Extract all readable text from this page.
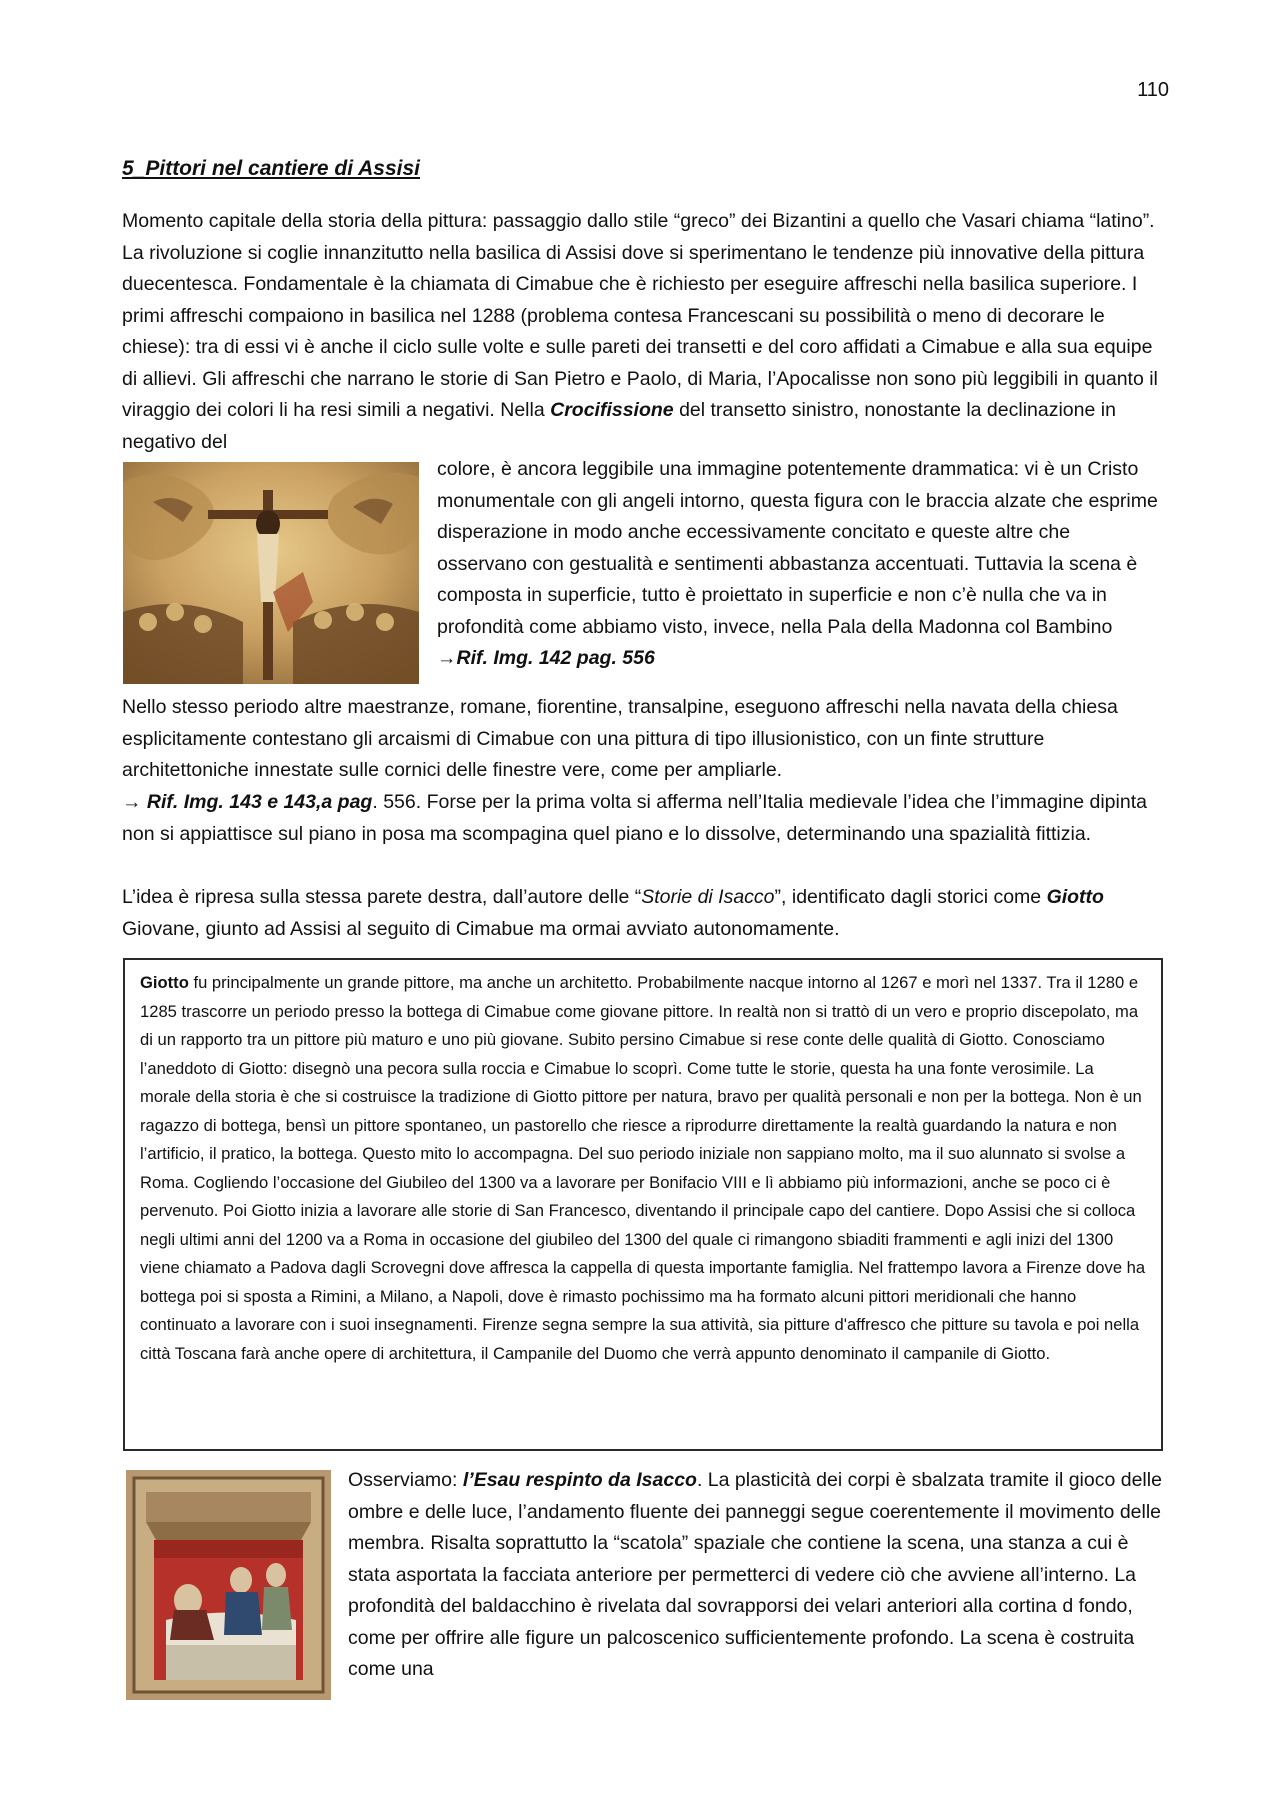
110
5_Pittori nel cantiere di Assisi

Momento capitale della storia della pittura: passaggio dallo stile “greco” dei Bizantini a quello che Vasari chiama “latino”. La rivoluzione si coglie innanzitutto nella basilica di Assisi dove si sperimentano le tendenze più innovative della pittura duecentesca. Fondamentale è la chiamata di Cimabue che è richiesto per eseguire affreschi nella basilica superiore. I primi affreschi compaiono in basilica nel 1288 (problema contesa Francescani su possibilità o meno di decorare le chiese): tra di essi vi è anche il ciclo sulle volte e sulle pareti dei transetti e del coro affidati a Cimabue e alla sua equipe di allievi. Gli affreschi che narrano le storie di San Pietro e Paolo, di Maria, l’Apocalisse non sono più leggibili in quanto il viraggio dei colori li ha resi simili a negativi. Nella Crocifissione del transetto sinistro, nonostante la declinazione in negativo del

colore, è ancora leggibile una immagine potentemente drammatica: vi è un Cristo monumentale con gli angeli intorno, questa figura con le braccia alzate che esprime disperazione in modo anche eccessivamente concitato e queste altre che osservano con gestualità e sentimenti abbastanza accentuati. Tuttavia la scena è composta in superficie, tutto è proiettato in superficie e non c’è nulla che va in profondità come abbiamo visto, invece, nella Pala della Madonna col Bambino →Rif. Img. 142 pag. 556

Nello stesso periodo altre maestranze, romane, fiorentine, transalpine, eseguono affreschi nella navata della chiesa esplicitamente contestano gli arcaismi di Cimabue con una pittura di tipo illusionistico, con un finte strutture architettoniche innestate sulle cornici delle finestre vere, come per ampliarle.

→ Rif. Img. 143 e 143,a pag. 556. Forse per la prima volta si afferma nell’Italia medievale l’idea che l’immagine dipinta non si appiattisce sul piano in posa ma scompagina quel piano e lo dissolve, determinando una spazialità fittizia.

L’idea è ripresa sulla stessa parete destra, dall’autore delle “Storie di Isacco”, identificato dagli storici come Giotto Giovane, giunto ad Assisi al seguito di Cimabue ma ormai avviato autonomamente.

Giotto fu principalmente un grande pittore, ma anche un architetto. Probabilmente nacque intorno al 1267 e morì nel 1337. Tra il 1280 e 1285 trascorre un periodo presso la bottega di Cimabue come giovane pittore. In realtà non si trattò di un vero e proprio discepolato, ma di un rapporto tra un pittore più maturo e uno più giovane. Subito persino Cimabue si rese conte delle qualità di Giotto. Conosciamo l’aneddoto di Giotto: disegnò una pecora sulla roccia e Cimabue lo scoprì. Come tutte le storie, questa ha una fonte verosimile. La morale della storia è che si costruisce la tradizione di Giotto pittore per natura, bravo per qualità personali e non per la bottega. Non è un ragazzo di bottega, bensì un pittore spontaneo, un pastorello che riesce a riprodurre direttamente la realtà guardando la natura e non l’artificio, il pratico, la bottega. Questo mito lo accompagna. Del suo periodo iniziale non sappiano molto, ma il suo alunnato si svolse a Roma. Cogliendo l’occasione del Giubileo del 1300 va a lavorare per Bonifacio VIII e lì abbiamo più informazioni, anche se poco ci è pervenuto. Poi Giotto inizia a lavorare alle storie di San Francesco, diventando il principale capo del cantiere. Dopo Assisi che si colloca negli ultimi anni del 1200 va a Roma in occasione del giubileo del 1300 del quale ci rimangono sbiaditi frammenti e agli inizi del 1300 viene chiamato a Padova dagli Scrovegni dove affresca la cappella di questa importante famiglia. Nel frattempo lavora a Firenze dove ha bottega poi si sposta a Rimini, a Milano, a Napoli, dove è rimasto pochissimo ma ha formato alcuni pittori meridionali che hanno continuato a lavorare con i suoi insegnamenti. Firenze segna sempre la sua attività, sia pitture d'affresco che pitture su tavola e poi nella città Toscana farà anche opere di architettura, il Campanile del Duomo che verrà appunto denominato il campanile di Giotto.

Osserviamo: l’Esau respinto da Isacco. La plasticità dei corpi è sbalzata tramite il gioco delle ombre e delle luce, l’andamento fluente dei panneggi segue coerentemente il movimento delle membra. Risalta soprattutto la “scatola” spaziale che contiene la scena, una stanza a cui è stata asportata la facciata anteriore per permetterci di vedere ciò che avviene all’interno. La profondità del baldacchino è rivelata dal sovrapporsi dei velari anteriori alla cortina d fondo, come per offrire alle figure un palcoscenico sufficientemente profondo. La scena è costruita come una
